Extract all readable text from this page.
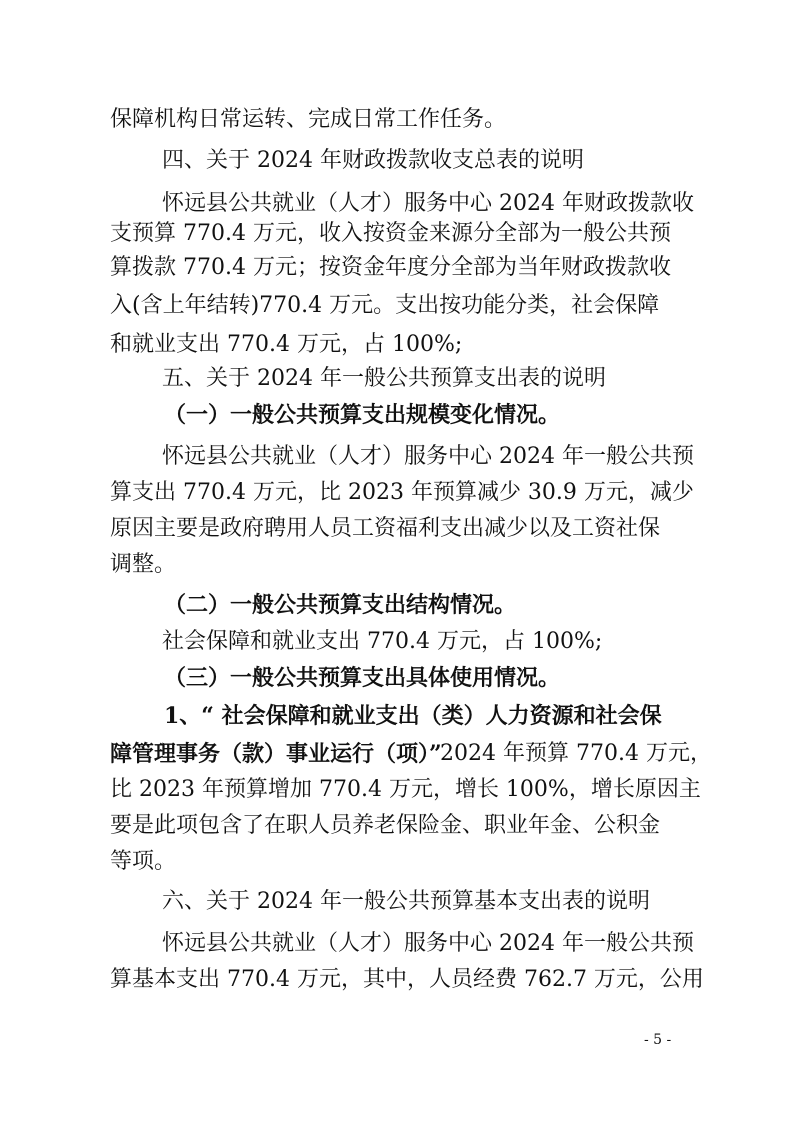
保障机构日常运转、完成日常工作任务。
四、关于 2024 年财政拨款收支总表的说明
怀远县公共就业（人才）服务中心 2024 年财政拨款收
支预算 770.4 万元，收入按资金来源分全部为一般公共预
算拨款 770.4 万元；按资金年度分全部为当年财政拨款收
入(含上年结转)770.4 万元。支出按功能分类，社会保障
和就业支出 770.4 万元，占 100%;
五、关于 2024 年一般公共预算支出表的说明
（一）一般公共预算支出规模变化情况。
怀远县公共就业（人才）服务中心 2024 年一般公共预
算支出 770.4 万元，比 2023 年预算减少 30.9 万元，减少
原因主要是政府聘用人员工资福利支出减少以及工资社保
调整。
（二）一般公共预算支出结构情况。
社会保障和就业支出 770.4 万元，占 100%;
（三）一般公共预算支出具体使用情况。
1、“ 社会保障和就业支出（类）人力资源和社会保
障管理事务（款）事业运行（项）”
2024 年预算 770.4 万元，
比 2023 年预算增加 770.4 万元，增长 100%，增长原因主
要是此项包含了在职人员养老保险金、职业年金、公积金
等项。
六、关于 2024 年一般公共预算基本支出表的说明
怀远县公共就业（人才）服务中心 2024 年一般公共预
算基本支出 770.4 万元，其中，人员经费 762.7 万元，公用
- 5 -
